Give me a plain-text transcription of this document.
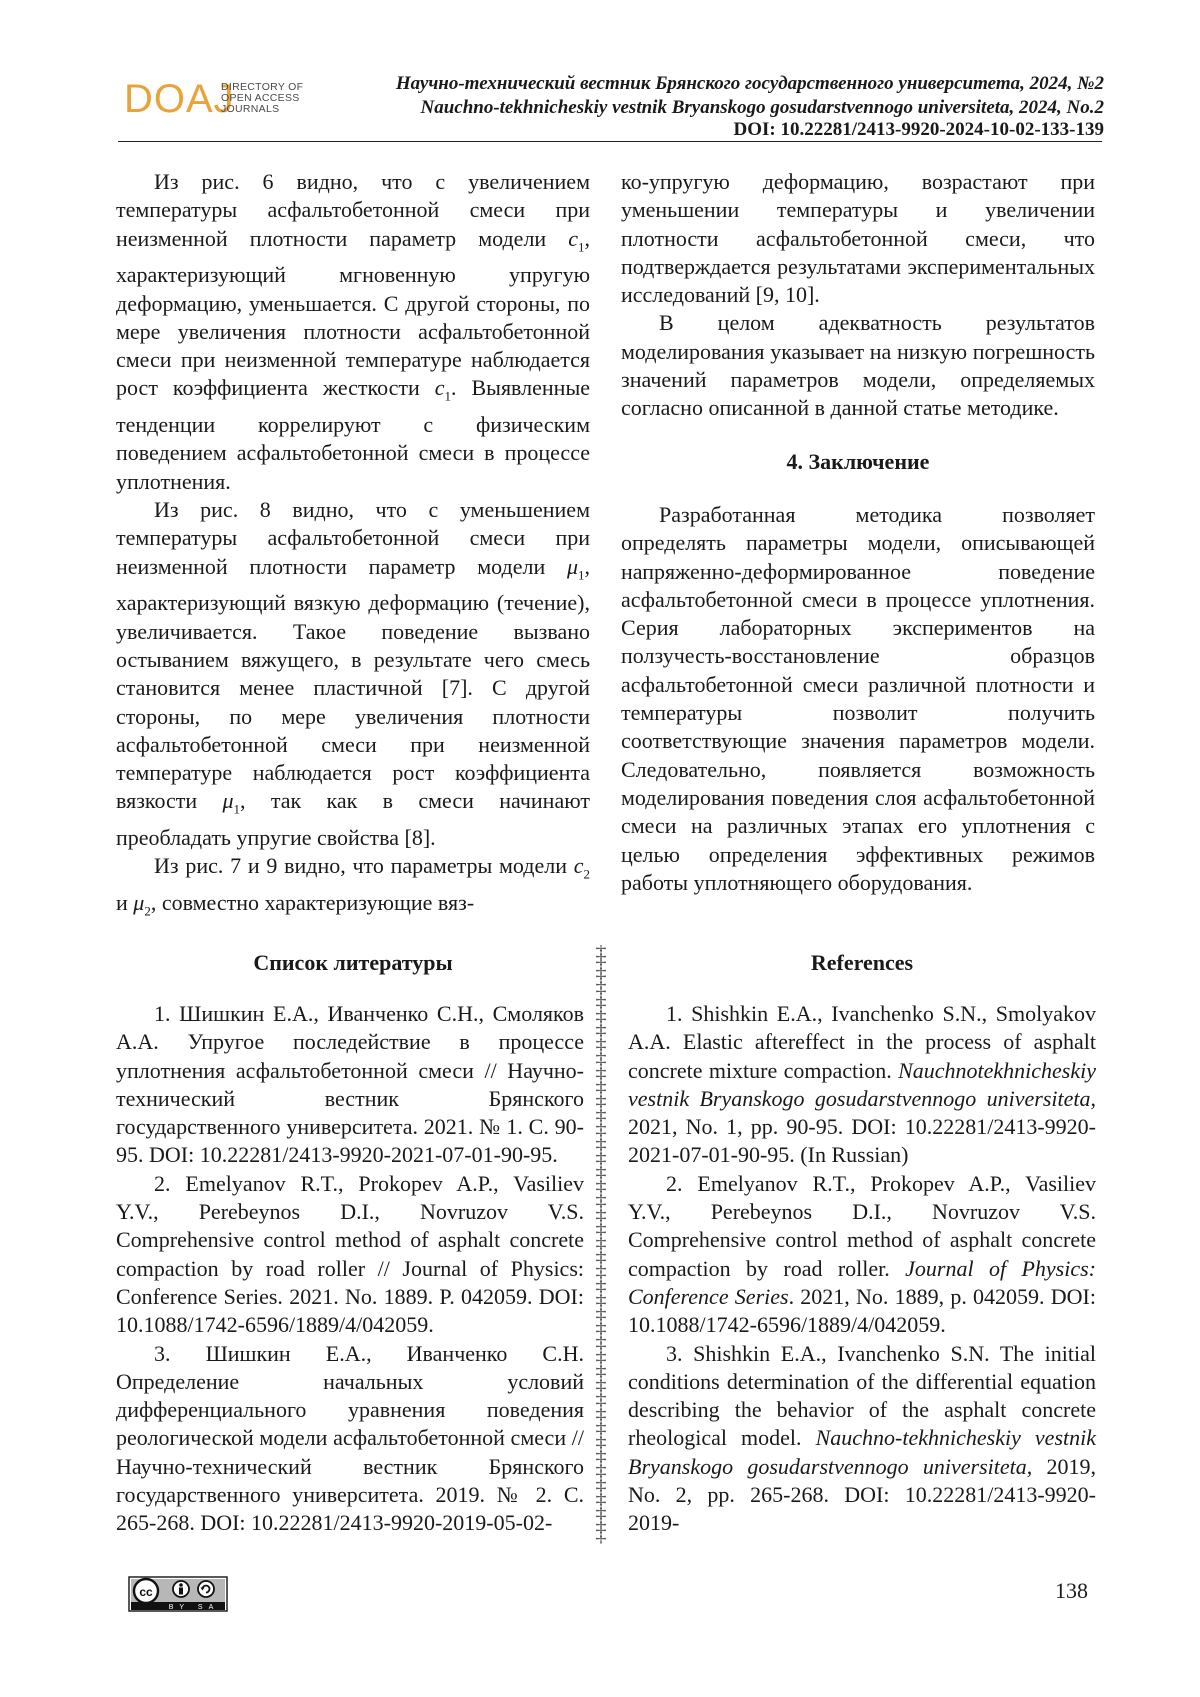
DOAJ
DIRECTORY OF
OPEN ACCESS
JOURNALS
Научно-технический вестник Брянского государственного университета, 2024, №2
Nauchno-tekhnicheskiy vestnik Bryanskogo gosudarstvennogo universiteta, 2024, No.2
DOI: 10.22281/2413-9920-2024-10-02-133-139

Из рис. 6 видно, что с увеличением температуры асфальтобетонной смеси при неизменной плотности параметр модели $c_1$, характеризующий мгновенную упругую деформацию, уменьшается. С другой стороны, по мере увеличения плотности асфальтобетонной смеси при неизменной температуре наблюдается рост коэффициента жесткости $c_1$. Выявленные тенденции коррелируют с физическим поведением асфальтобетонной смеси в процессе уплотнения.

Из рис. 8 видно, что с уменьшением температуры асфальтобетонной смеси при неизменной плотности параметр модели $\mu_1$, характеризующий вязкую деформацию (течение), увеличивается. Такое поведение вызвано остыванием вяжущего, в результате чего смесь становится менее пластичной [7]. С другой стороны, по мере увеличения плотности асфальтобетонной смеси при неизменной температуре наблюдается рост коэффициента вязкости $\mu_1$, так как в смеси начинают преобладать упругие свойства [8].

Из рис. 7 и 9 видно, что параметры модели $c_2$ и $\mu_2$, совместно характеризующие вяз-

ко-упругую деформацию, возрастают при уменьшении температуры и увеличении плотности асфальтобетонной смеси, что подтверждается результатами экспериментальных исследований [9, 10].

В целом адекватность результатов моделирования указывает на низкую погрешность значений параметров модели, определяемых согласно описанной в данной статье методике.

4. Заключение

Разработанная методика позволяет определять параметры модели, описывающей напряженно-деформированное поведение асфальтобетонной смеси в процессе уплотнения. Серия лабораторных экспериментов на ползучесть-восстановление образцов асфальтобетонной смеси различной плотности и температуры позволит получить соответствующие значения параметров модели. Следовательно, появляется возможность моделирования поведения слоя асфальтобетонной смеси на различных этапах его уплотнения с целью определения эффективных режимов работы уплотняющего оборудования.

Список литературы	References
‡
‡
‡
‡
‡
‡
‡
‡
‡
‡
‡
‡
‡
‡
‡
‡
‡
‡
‡
‡
‡
‡
‡
‡
‡
‡
‡
‡
‡
‡
‡
‡
‡
‡
‡
‡
‡
‡
‡
‡
‡
‡

1. Шишкин Е.А., Иванченко С.Н., Смоляков А.А. Упругое последействие в процессе уплотнения асфальтобетонной смеси // Научно-технический вестник Брянского государственного университета. 2021. № 1. С. 90-95. DOI: 10.22281/2413-9920-2021-07-01-90-95.

2. Emelyanov R.T., Prokopev A.P., Vasiliev Y.V., Perebeynos D.I., Novruzov V.S. Comprehensive control method of asphalt concrete compaction by road roller // Journal of Physics: Conference Series. 2021. No. 1889. P. 042059. DOI: 10.1088/1742-6596/1889/4/042059.

3. Шишкин Е.А., Иванченко С.Н. Определение начальных условий дифференциального уравнения поведения реологической модели асфальтобетонной смеси // Научно-технический вестник Брянского государственного университета. 2019. № 2. С. 265-268. DOI: 10.22281/2413-9920-2019-05-02-

1. Shishkin E.A., Ivanchenko S.N., Smolyakov A.A. Elastic aftereffect in the process of asphalt concrete mixture compaction. Nauchnotekhnicheskiy vestnik Bryanskogo gosudarstvennogo universiteta, 2021, No. 1, pp. 90-95. DOI: 10.22281/2413-9920-2021-07-01-90-95. (In Russian)

2. Emelyanov R.T., Prokopev A.P., Vasiliev Y.V., Perebeynos D.I., Novruzov V.S. Comprehensive control method of asphalt concrete compaction by road roller. Journal of Physics: Conference Series. 2021, No. 1889, p. 042059. DOI: 10.1088/1742-6596/1889/4/042059.

3. Shishkin E.A., Ivanchenko S.N. The initial conditions determination of the differential equation describing the behavior of the asphalt concrete rheological model. Nauchno-tekhnicheskiy vestnik Bryanskogo gosudarstvennogo universiteta, 2019, No. 2, pp. 265-268. DOI: 10.22281/2413-9920-2019-

cc
BY SA
138
